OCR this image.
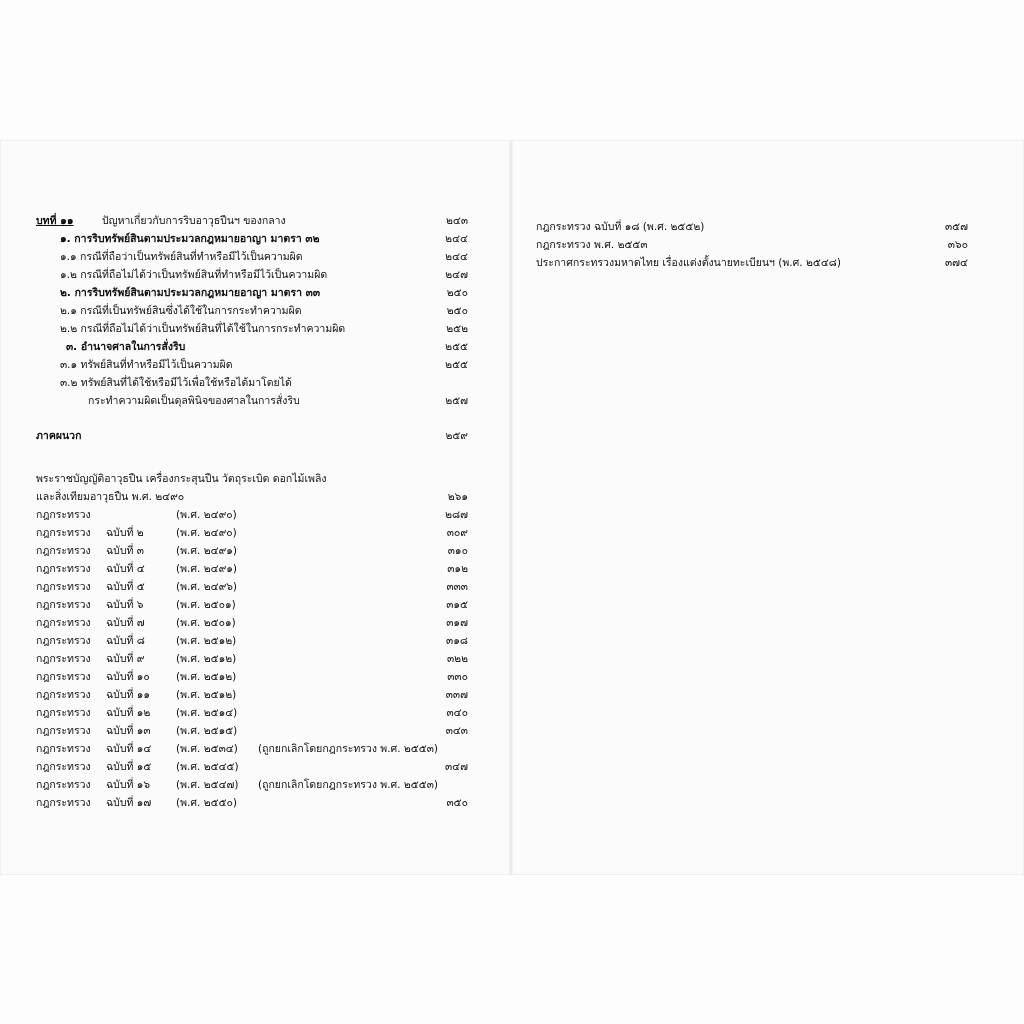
บทที่ ๑๑	ปัญหาเกี่ยวกับการริบอาวุธปืนฯ ของกลาง	๒๔๓
๑. การริบทรัพย์สินตามประมวลกฎหมายอาญา มาตรา ๓๒	๒๔๔
๑.๑ กรณีที่ถือว่าเป็นทรัพย์สินที่ทำหรือมีไว้เป็นความผิด	๒๔๔
๑.๒ กรณีที่ถือไม่ได้ว่าเป็นทรัพย์สินที่ทำหรือมีไว้เป็นความผิด	๒๔๗
๒. การริบทรัพย์สินตามประมวลกฎหมายอาญา มาตรา ๓๓	๒๕๐
๒.๑ กรณีที่เป็นทรัพย์สินซึ่งได้ใช้ในการกระทำความผิด	๒๕๐
๒.๒ กรณีที่ถือไม่ได้ว่าเป็นทรัพย์สินที่ได้ใช้ในการกระทำความผิด	๒๕๒
๓. อำนาจศาลในการสั่งริบ	๒๕๕
๓.๑ ทรัพย์สินที่ทำหรือมีไว้เป็นความผิด	๒๕๕
๓.๒ ทรัพย์สินที่ได้ใช้หรือมีไว้เพื่อใช้หรือได้มาโดยได้
กระทำความผิดเป็นดุลพินิจของศาลในการสั่งริบ	๒๕๗
ภาคผนวก	๒๕๙
พระราชบัญญัติอาวุธปืน เครื่องกระสุนปืน วัตถุระเบิด ดอกไม้เพลิง
และสิ่งเทียมอาวุธปืน พ.ศ. ๒๔๙๐	๒๖๑
กฎกระทรวง	(พ.ศ. ๒๔๙๐)	๒๘๗
กฎกระทรวง ฉบับที่ ๒	(พ.ศ. ๒๔๙๐)	๓๐๙
กฎกระทรวง ฉบับที่ ๓	(พ.ศ. ๒๔๙๑)	๓๑๐
กฎกระทรวง ฉบับที่ ๔	(พ.ศ. ๒๔๙๑)	๓๑๒
กฎกระทรวง ฉบับที่ ๕	(พ.ศ. ๒๔๙๖)	๓๓๓
กฎกระทรวง ฉบับที่ ๖	(พ.ศ. ๒๕๐๑)	๓๑๕
กฎกระทรวง ฉบับที่ ๗	(พ.ศ. ๒๕๐๑)	๓๑๗
กฎกระทรวง ฉบับที่ ๘	(พ.ศ. ๒๕๑๒)	๓๑๘
กฎกระทรวง ฉบับที่ ๙	(พ.ศ. ๒๕๑๒)	๓๒๒
กฎกระทรวง ฉบับที่ ๑๐ (พ.ศ. ๒๕๑๒)	๓๓๐
กฎกระทรวง ฉบับที่ ๑๑ (พ.ศ. ๒๕๑๒)	๓๓๗
กฎกระทรวง ฉบับที่ ๑๒ (พ.ศ. ๒๕๑๔)	๓๔๐
กฎกระทรวง ฉบับที่ ๑๓ (พ.ศ. ๒๕๑๕)	๓๔๓
กฎกระทรวง ฉบับที่ ๑๔ (พ.ศ. ๒๕๓๔) (ถูกยกเลิกโดยกฎกระทรวง พ.ศ. ๒๕๕๓)
กฎกระทรวง ฉบับที่ ๑๕ (พ.ศ. ๒๕๔๕)	๓๔๗
กฎกระทรวง ฉบับที่ ๑๖ (พ.ศ. ๒๕๔๗) (ถูกยกเลิกโดยกฎกระทรวง พ.ศ. ๒๕๕๓)
กฎกระทรวง ฉบับที่ ๑๗ (พ.ศ. ๒๕๕๐)	๓๕๐
กฎกระทรวง ฉบับที่ ๑๘ (พ.ศ. ๒๕๕๒)	๓๕๗
กฎกระทรวง พ.ศ. ๒๕๕๓	๓๖๐
ประกาศกระทรวงมหาดไทย เรื่องแต่งตั้งนายทะเบียนฯ (พ.ศ. ๒๕๔๘)	๓๗๔
